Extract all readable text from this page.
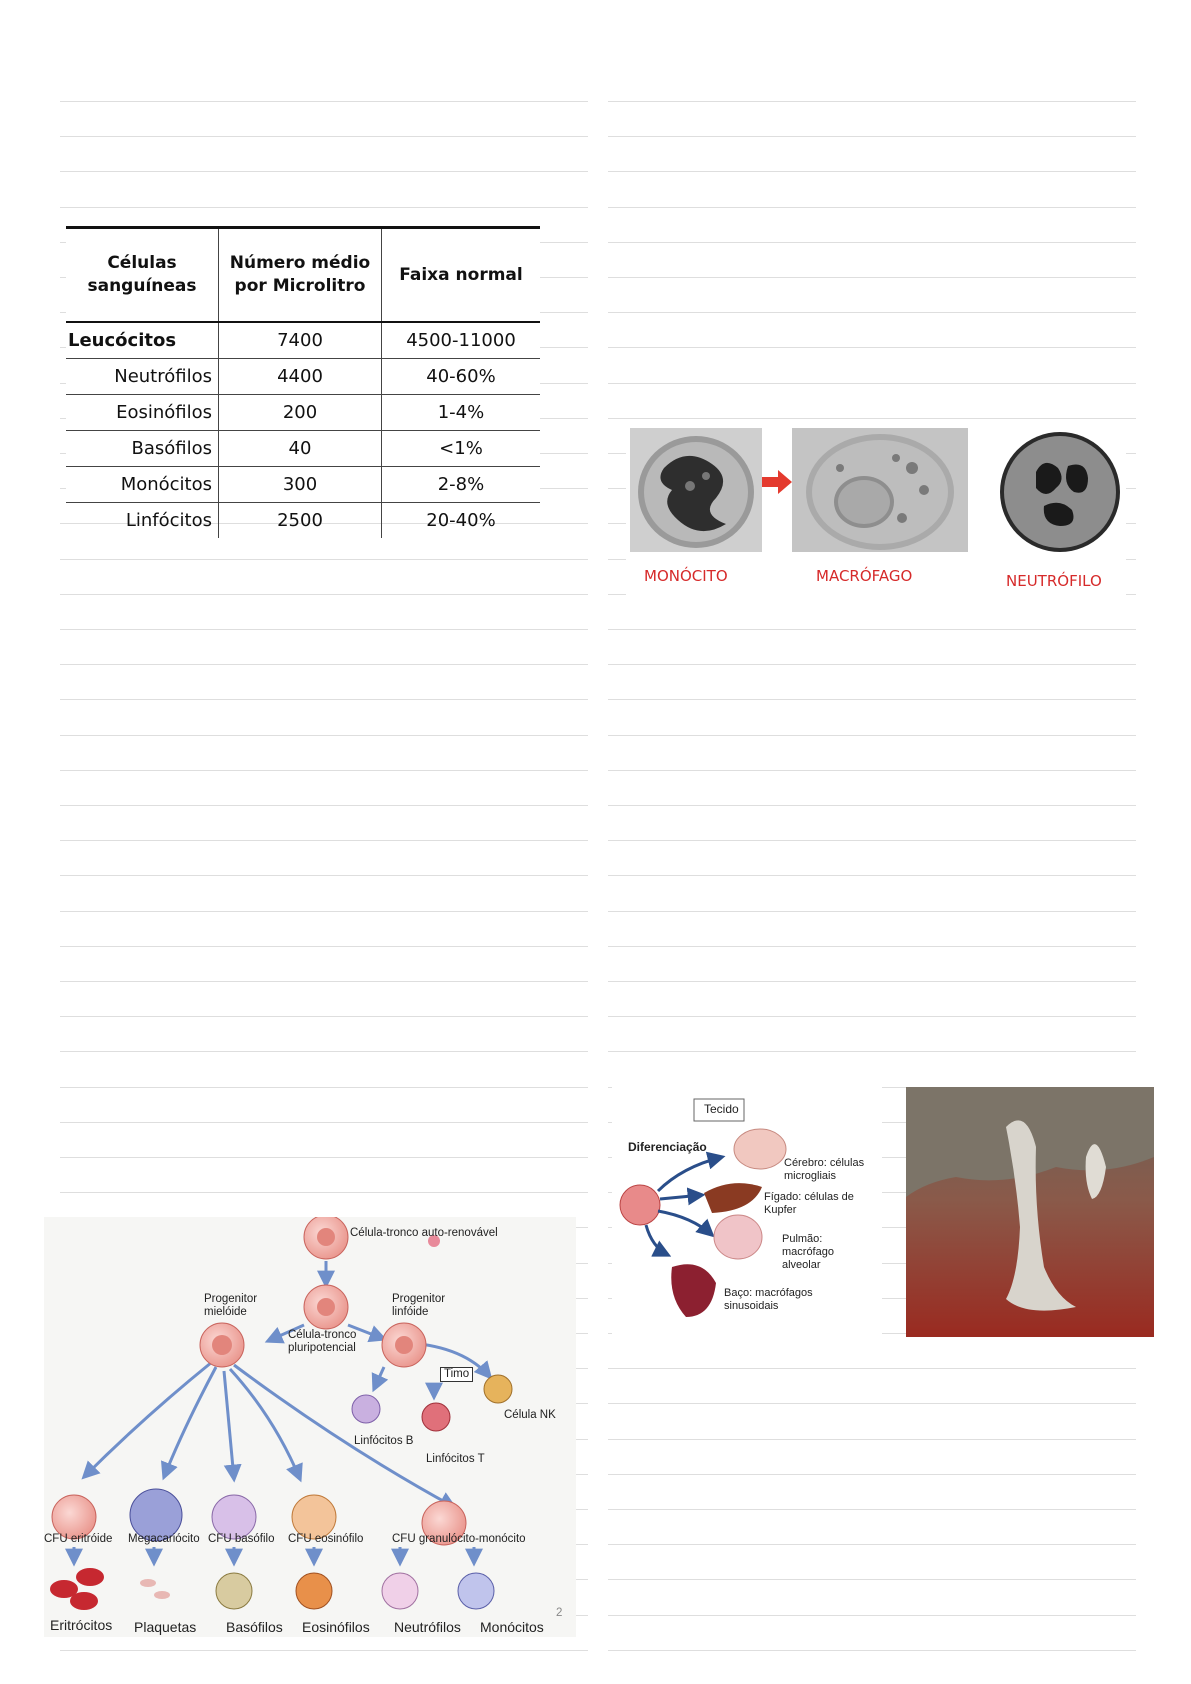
Células sanguíneas	Número médio por Microlitro	Faixa normal
Leucócitos	7400	4500-11000
Neutrófilos	4400	40-60%
Eosinófilos	200	1-4%
Basófilos	40	<1%
Monócitos	300	2-8%
Linfócitos	2500	20-40%
MONÓCITO	MACRÓFAGO	NEUTRÓFILO
Célula-tronco auto-renovável
Progenitor mielóide
Progenitor linfóide
Célula-tronco pluripotencial
Timo
Célula NK
Linfócitos B
Linfócitos T
CFU eritróide Megacariócito CFU basófilo CFU eosinófilo CFU granulócito-monócito
Eritrócitos Plaquetas Basófilos Eosinófilos Neutrófilos Monócitos
2
Tecido
Diferenciação
Cérebro: células microgliais
Fígado: células de Kupfer
Pulmão: macrófago alveolar
Baço: macrófagos sinusoidais
